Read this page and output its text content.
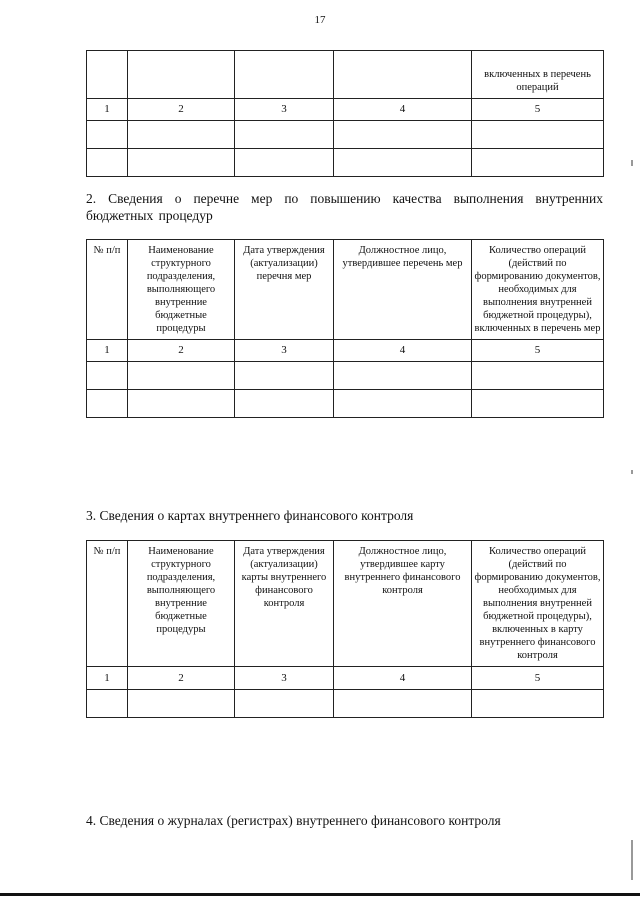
17
				включенных в перечень операций
1	2	3	4	5

2. Сведения о перечне мер по повышению качества выполнения внутренних бюджетных процедур
№ п/п	Наименование структурного подразделения, выполняющего внутренние бюджетные процедуры	Дата утверждения (актуализации) перечня мер	Должностное лицо, утвердившее перечень мер	Количество операций (действий по формированию документов, необходимых для выполнения внутренней бюджетной процедуры), включенных в перечень мер
1	2	3	4	5

3. Сведения о картах внутреннего финансового контроля
№ п/п	Наименование структурного подразделения, выполняющего внутренние бюджетные процедуры	Дата утверждения (актуализации) карты внутреннего финансового контроля	Должностное лицо, утвердившее карту внутреннего финансового контроля	Количество операций (действий по формированию документов, необходимых для выполнения внутренней бюджетной процедуры), включенных в карту внутреннего финансового контроля
1	2	3	4	5

4. Сведения о журналах (регистрах) внутреннего финансового контроля
